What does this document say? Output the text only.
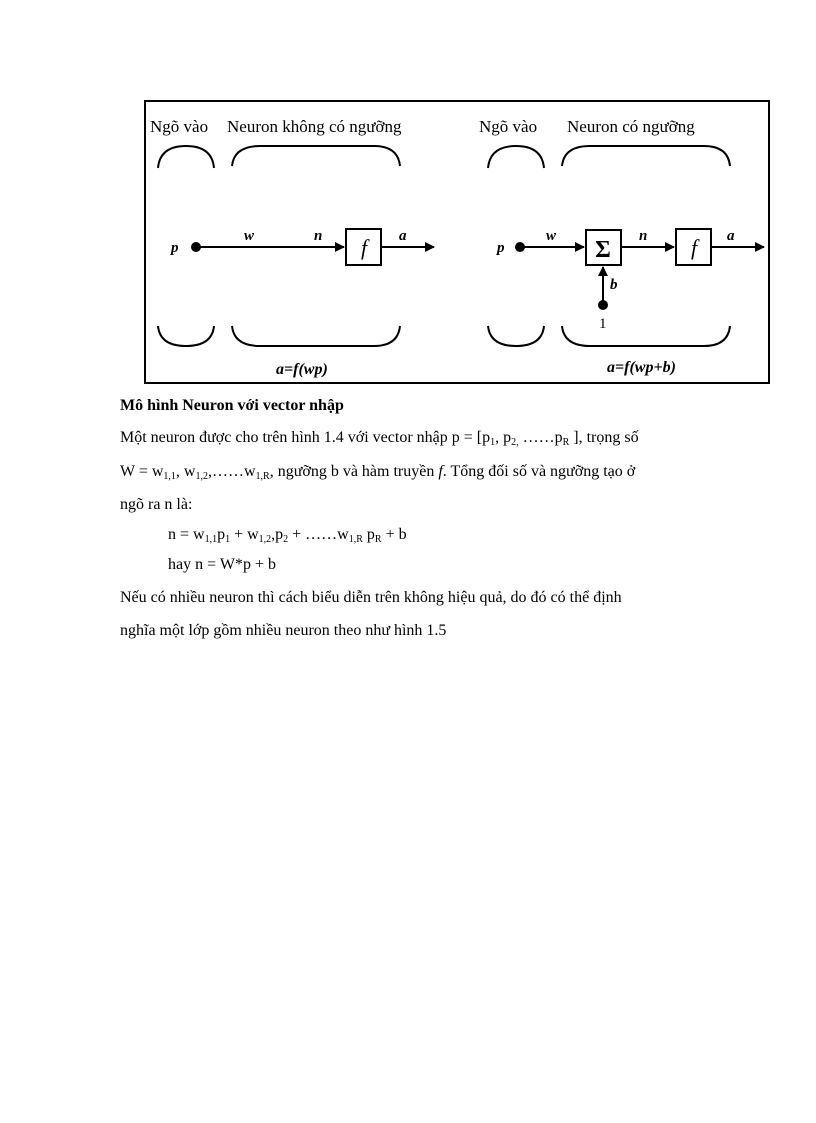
Ngõ vào Neuron không có ngưỡng
p
w	n f a
a=f(wp)
Ngõ vào Neuron có ngưỡng
p
w
Σ
b
1
n f a
a=f(wp+b)
Mô hình Neuron với vector nhập
Một neuron được cho trên hình 1.4 với vector nhập $p = [p_1$, $p_{2,}$ $\dots\dots p_R$ ], trọng số
$W = w_{1,1}$, $w_{1,2},\dots\dots w_{1,R}$, ngưỡng b và hàm truyền f. Tổng đối số và ngưỡng tạo ở
ngõ ra n là:
$n = w_{1,1}p_1 + w_{1,2},p_2$ + $\dots\dots w_{1,R}$ $p_R + b$
hay n = W*p + b
Nếu có nhiều neuron thì cách biểu diễn trên không hiệu quả, do đó có thể định
nghĩa một lớp gồm nhiều neuron theo như hình 1.5
